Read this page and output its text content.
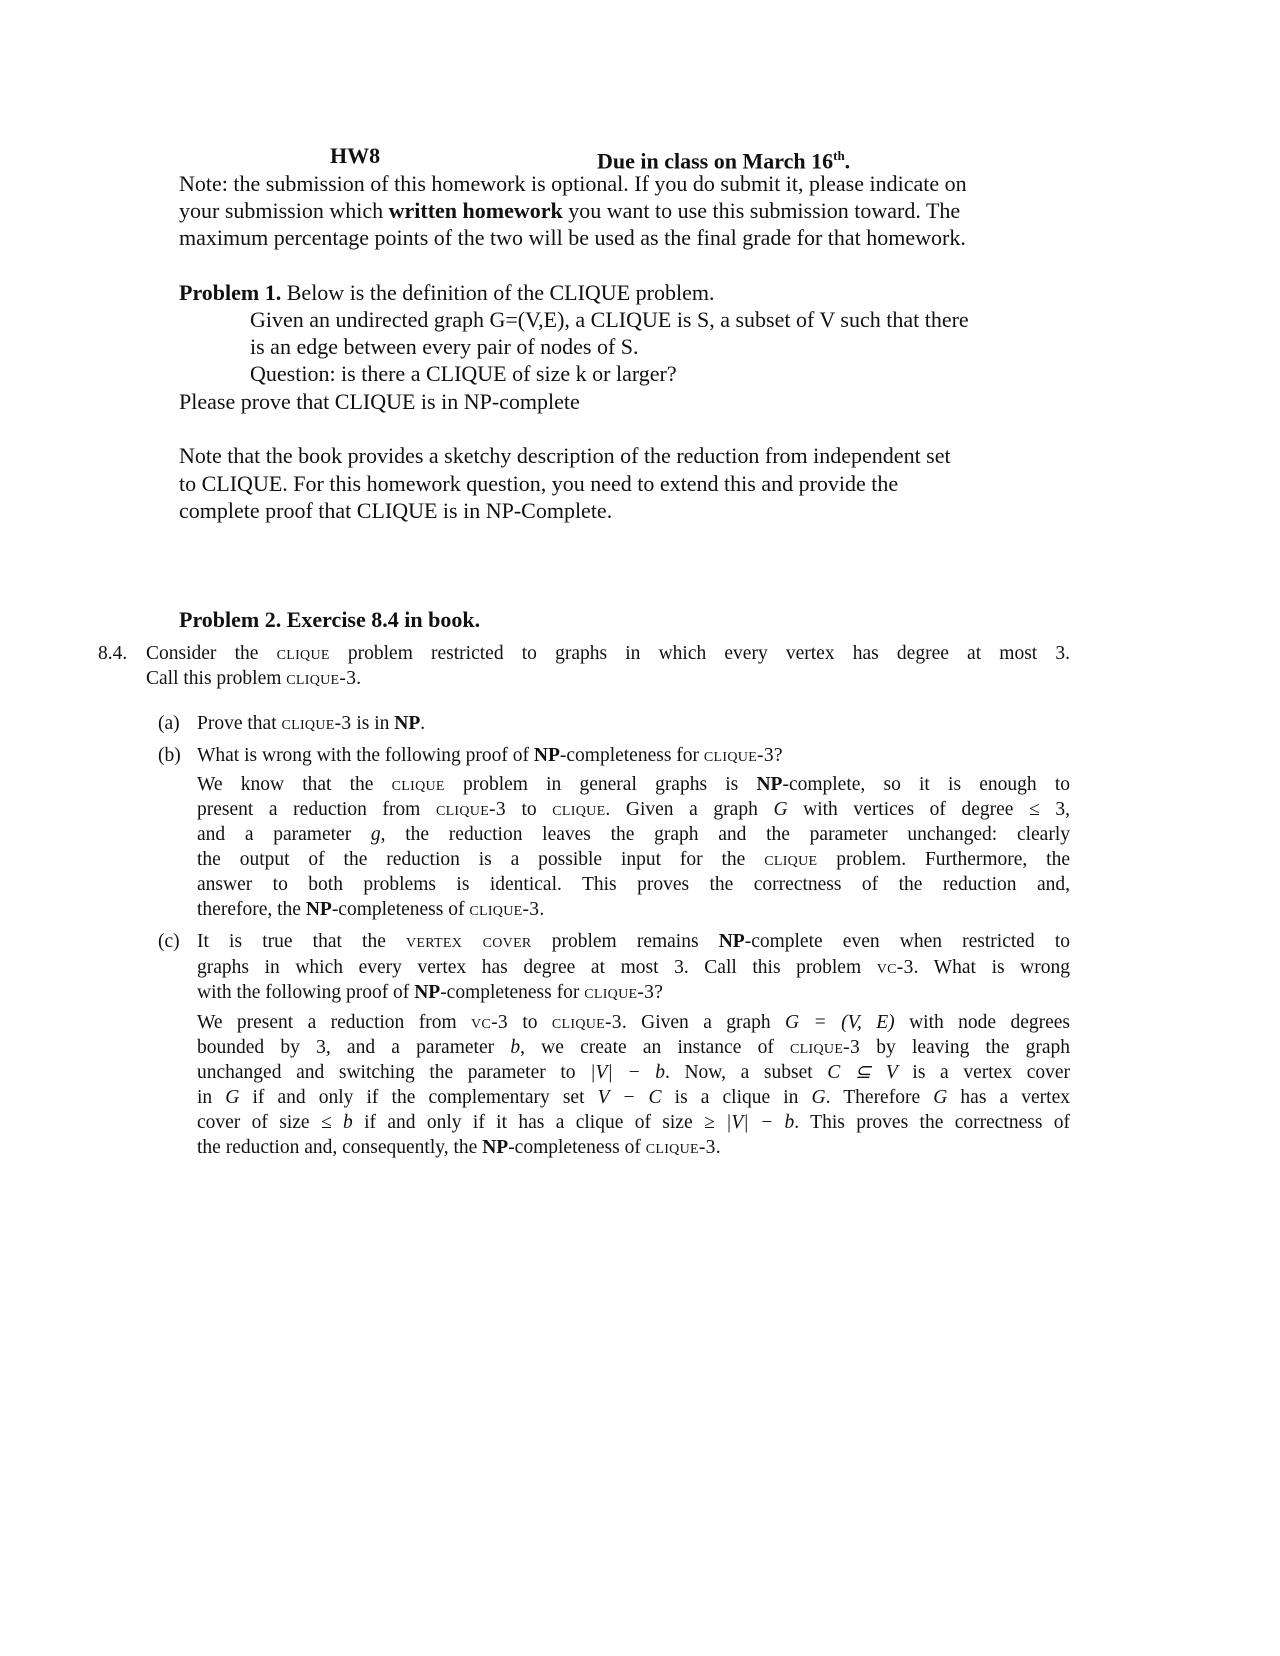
HW8	Due in class on March 16th.
Note: the submission of this homework is optional. If you do submit it, please indicate on
your submission which written homework you want to use this submission toward. The
maximum percentage points of the two will be used as the final grade for that homework.
Problem 1. Below is the definition of the CLIQUE problem.
Given an undirected graph G=(V,E), a CLIQUE is S, a subset of V such that there
is an edge between every pair of nodes of S.
Question: is there a CLIQUE of size k or larger?
Please prove that CLIQUE is in NP-complete
Note that the book provides a sketchy description of the reduction from independent set
to CLIQUE. For this homework question, you need to extend this and provide the
complete proof that CLIQUE is in NP-Complete.
Problem 2. Exercise 8.4 in book.
8.4. Consider the clique problem restricted to graphs in which every vertex has degree at most 3.
Call this problem clique-3.
(a) Prove that clique-3 is in NP.
(b) What is wrong with the following proof of NP-completeness for clique-3?
We know that the clique problem in general graphs is NP-complete, so it is enough to
present a reduction from clique-3 to clique. Given a graph G with vertices of degree ≤ 3,
and a parameter g, the reduction leaves the graph and the parameter unchanged: clearly
the output of the reduction is a possible input for the clique problem. Furthermore, the
answer to both problems is identical. This proves the correctness of the reduction and,
therefore, the NP-completeness of clique-3.
(c) It is true that the vertex cover problem remains NP-complete even when restricted to
graphs in which every vertex has degree at most 3. Call this problem vc-3. What is wrong
with the following proof of NP-completeness for clique-3?
We present a reduction from vc-3 to clique-3. Given a graph G = (V, E) with node degrees
bounded by 3, and a parameter b, we create an instance of clique-3 by leaving the graph
unchanged and switching the parameter to |V| − b. Now, a subset C ⊆ V is a vertex cover
in G if and only if the complementary set V − C is a clique in G. Therefore G has a vertex
cover of size ≤ b if and only if it has a clique of size ≥ |V| − b. This proves the correctness of
the reduction and, consequently, the NP-completeness of clique-3.
